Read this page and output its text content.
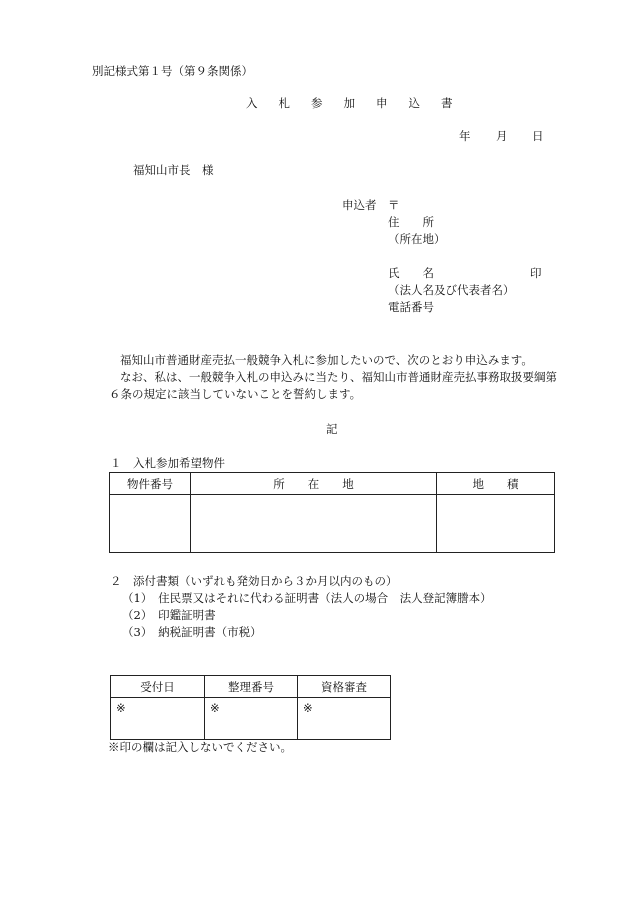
別記様式第１号（第９条関係）
入札参加申込書
年 月 日
福知山市長　様
申込者 〒
住　　所
（所在地）
氏　　名	印
（法人名及び代表者名）
電話番号
福知山市普通財産売払一般競争入札に参加したいので、次のとおり申込みます。
なお、私は、一般競争入札の申込みに当たり、福知山市普通財産売払事務取扱要綱第
６条の規定に該当していないことを誓約します。
記
１　入札参加希望物件
物件番号	所　　在　　地	地　　積

２　添付書類（いずれも発効日から３か月以内のもの）
（1）　住民票又はそれに代わる証明書（法人の場合　法人登記簿謄本）
（2）　印鑑証明書
（3）　納税証明書（市税）
受付日	整理番号	資格審査
※	※	※
※印の欄は記入しないでください。
